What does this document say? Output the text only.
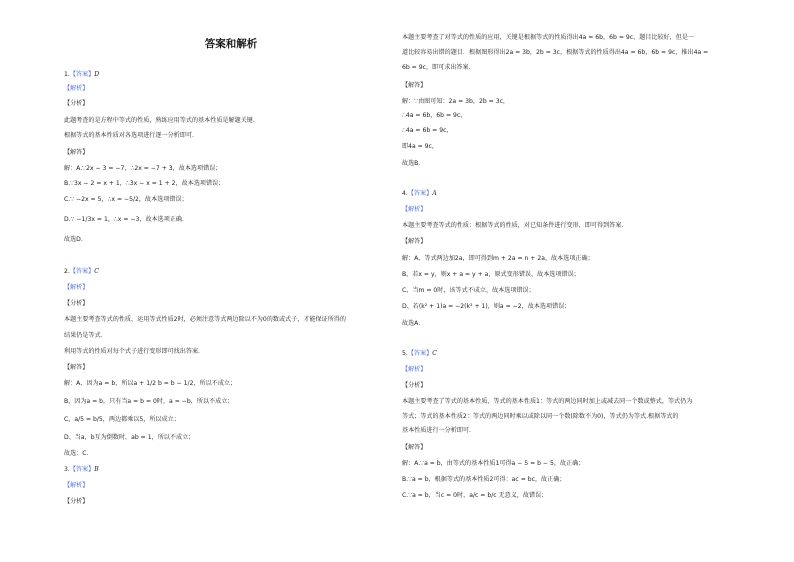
答案和解析
1.【答案】D
【解析】
【分析】
此题考查的是方程中等式的性质，熟练应用等式的基本性质是解题关键.
根据等式的基本性质对各选项进行逐一分析即可．
【解答】
解：A.∵2x − 3 = −7，∴2x = −7 + 3，故本选项错误；
B.∵3x − 2 = x + 1，∴3x − x = 1 + 2，故本选项错误；
C.∵ −2x = 5，∴x = −5/2，故本选项错误；
D.∵ −1/3x = 1，∴x = −3，故本选项正确．
故选D．
2.【答案】C
【解析】
【分析】
本题主要考查等式的性质，运用等式性质2时，必须注意等式两边除以不为0的数或式子，才能保证所得的
结果仍是等式．
利用等式的性质对每个式子进行变形即可找出答案．
【解答】
解：A、因为a = b，所以a + 1/2 b = b − 1/2，所以不成立；
B、因为a = b，只有当a = b = 0时，a = −b，所以不成立；
C、a/5 = b/5，两边都乘以5，所以成立；
D、当a，b互为倒数时，ab = 1，所以不成立；
故选：C．
3.【答案】B
【解析】
【分析】
本题主要考查了对等式的性质的应用，关键是根据等式的性质得出4a = 6b，6b = 9c，题目比较好，但是一
道比较容易出错的题目．根据图形得出2a = 3b，2b = 3c，根据等式的性质得出4a = 6b，6b = 9c，推出4a =
6b = 9c，即可求出答案．
【解答】
解：∵由图可知：2a = 3b，2b = 3c，
∴4a = 6b，6b = 9c，
∴4a = 6b = 9c，
即4a = 9c，
故选B．
4.【答案】A
【解析】
本题主要考查等式的性质：根据等式的性质，对已知条件进行变形，即可得到答案．
【解答】
解：A、等式两边加2a，即可得到m + 2a = n + 2a，故本选项正确；
B、若x = y，则x + a = y + a，原式变形错误，故本选项错误；
C、当m = 0时，该等式不成立，故本选项错误；
D、若(k² + 1)a = −2(k² + 1)，则a = −2，故本选项错误；
故选A．
5.【答案】C
【解析】
【分析】
本题主要考查了等式的基本性质，等式的基本性质1：等式的两边同时加上或减去同一个数或整式，等式仍为
等式；等式的基本性质2：等式的两边同时乘以或除以同一个数(除数不为0)，等式仍为等式.根据等式的
基本性质进行一分析即可．
【解答】
解：A.∵a = b，由等式的基本性质1可得a − 5 = b − 5，故正确；
B.∵a = b，根据等式的基本性质2可得：ac = bc，故正确；
C.∵a = b，当c = 0时，a/c = b/c 无意义，故错误；
